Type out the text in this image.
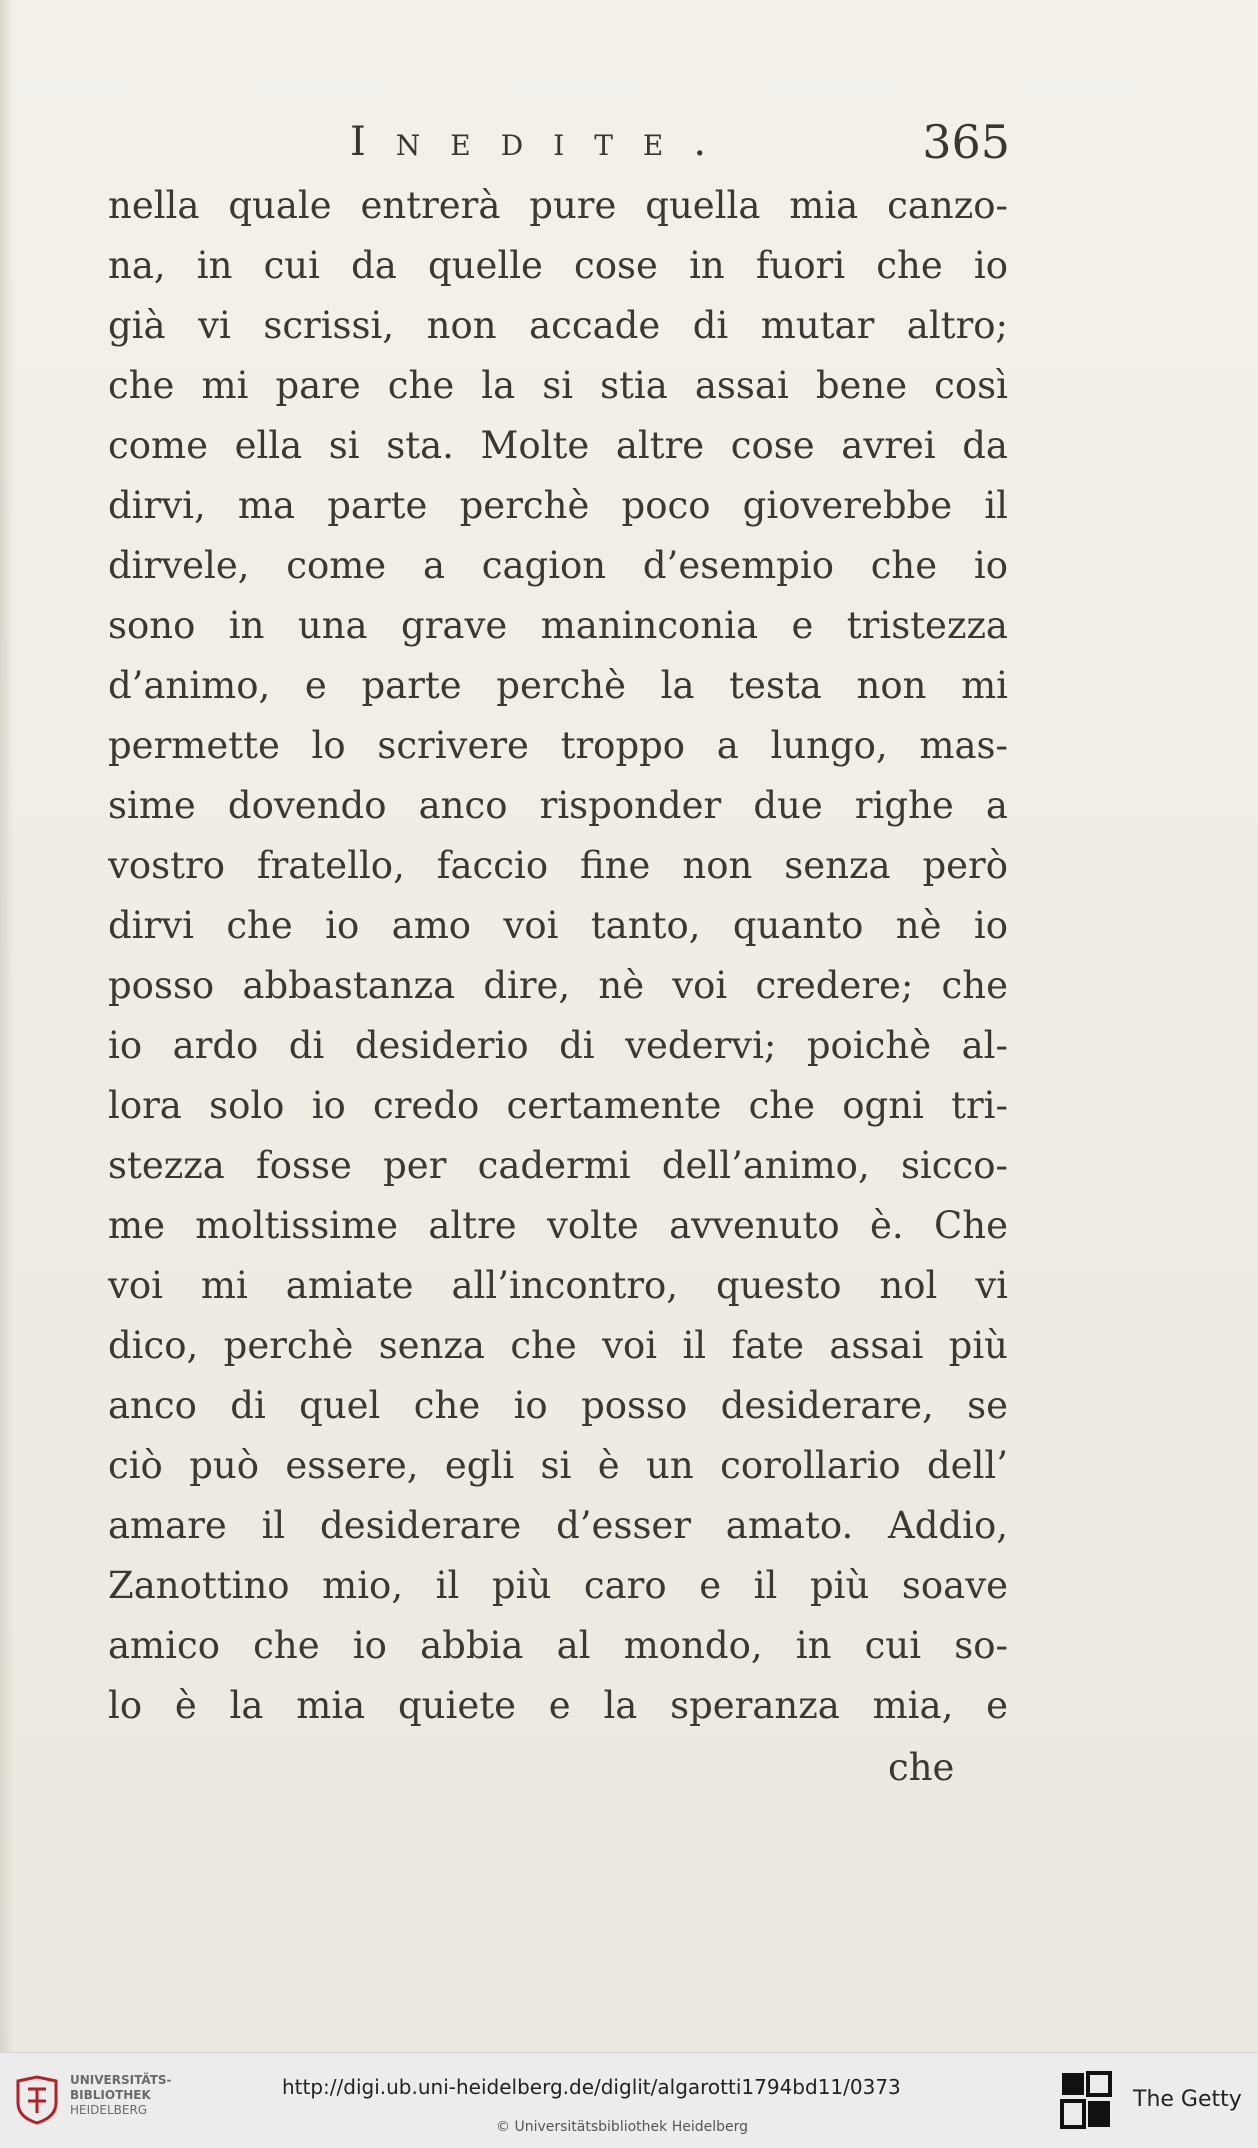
Inedite.	365
nella quale entrerà pure quella mia canzo-
na, in cui da quelle cose in fuori che io
già vi scrissi, non accade di mutar altro;
che mi pare che la si stia assai bene così
come ella si sta. Molte altre cose avrei da
dirvi, ma parte perchè poco gioverebbe il
dirvele, come a cagion d’esempio che io
sono in una grave maninconia e tristezza
d’animo, e parte perchè la testa non mi
permette lo scrivere troppo a lungo, mas-
sime dovendo anco risponder due righe a
vostro fratello, faccio fine non senza però
dirvi che io amo voi tanto, quanto nè io
posso abbastanza dire, nè voi credere; che
io ardo di desiderio di vedervi; poichè al-
lora solo io credo certamente che ogni tri-
stezza fosse per cadermi dell’animo, sicco-
me moltissime altre volte avvenuto è. Che
voi mi amiate all’incontro, questo nol vi
dico, perchè senza che voi il fate assai più
anco di quel che io posso desiderare, se
ciò può essere, egli si è un corollario dell’
amare il desiderare d’esser amato. Addio,
Zanottino mio, il più caro e il più soave
amico che io abbia al mondo, in cui so-
lo è la mia quiete e la speranza mia, e
che
UNIVERSITÄTS-
BIBLIOTHEK
HEIDELBERG
http://digi.ub.uni-heidelberg.de/diglit/algarotti1794bd11/0373
© Universitätsbibliothek Heidelberg
The Getty
